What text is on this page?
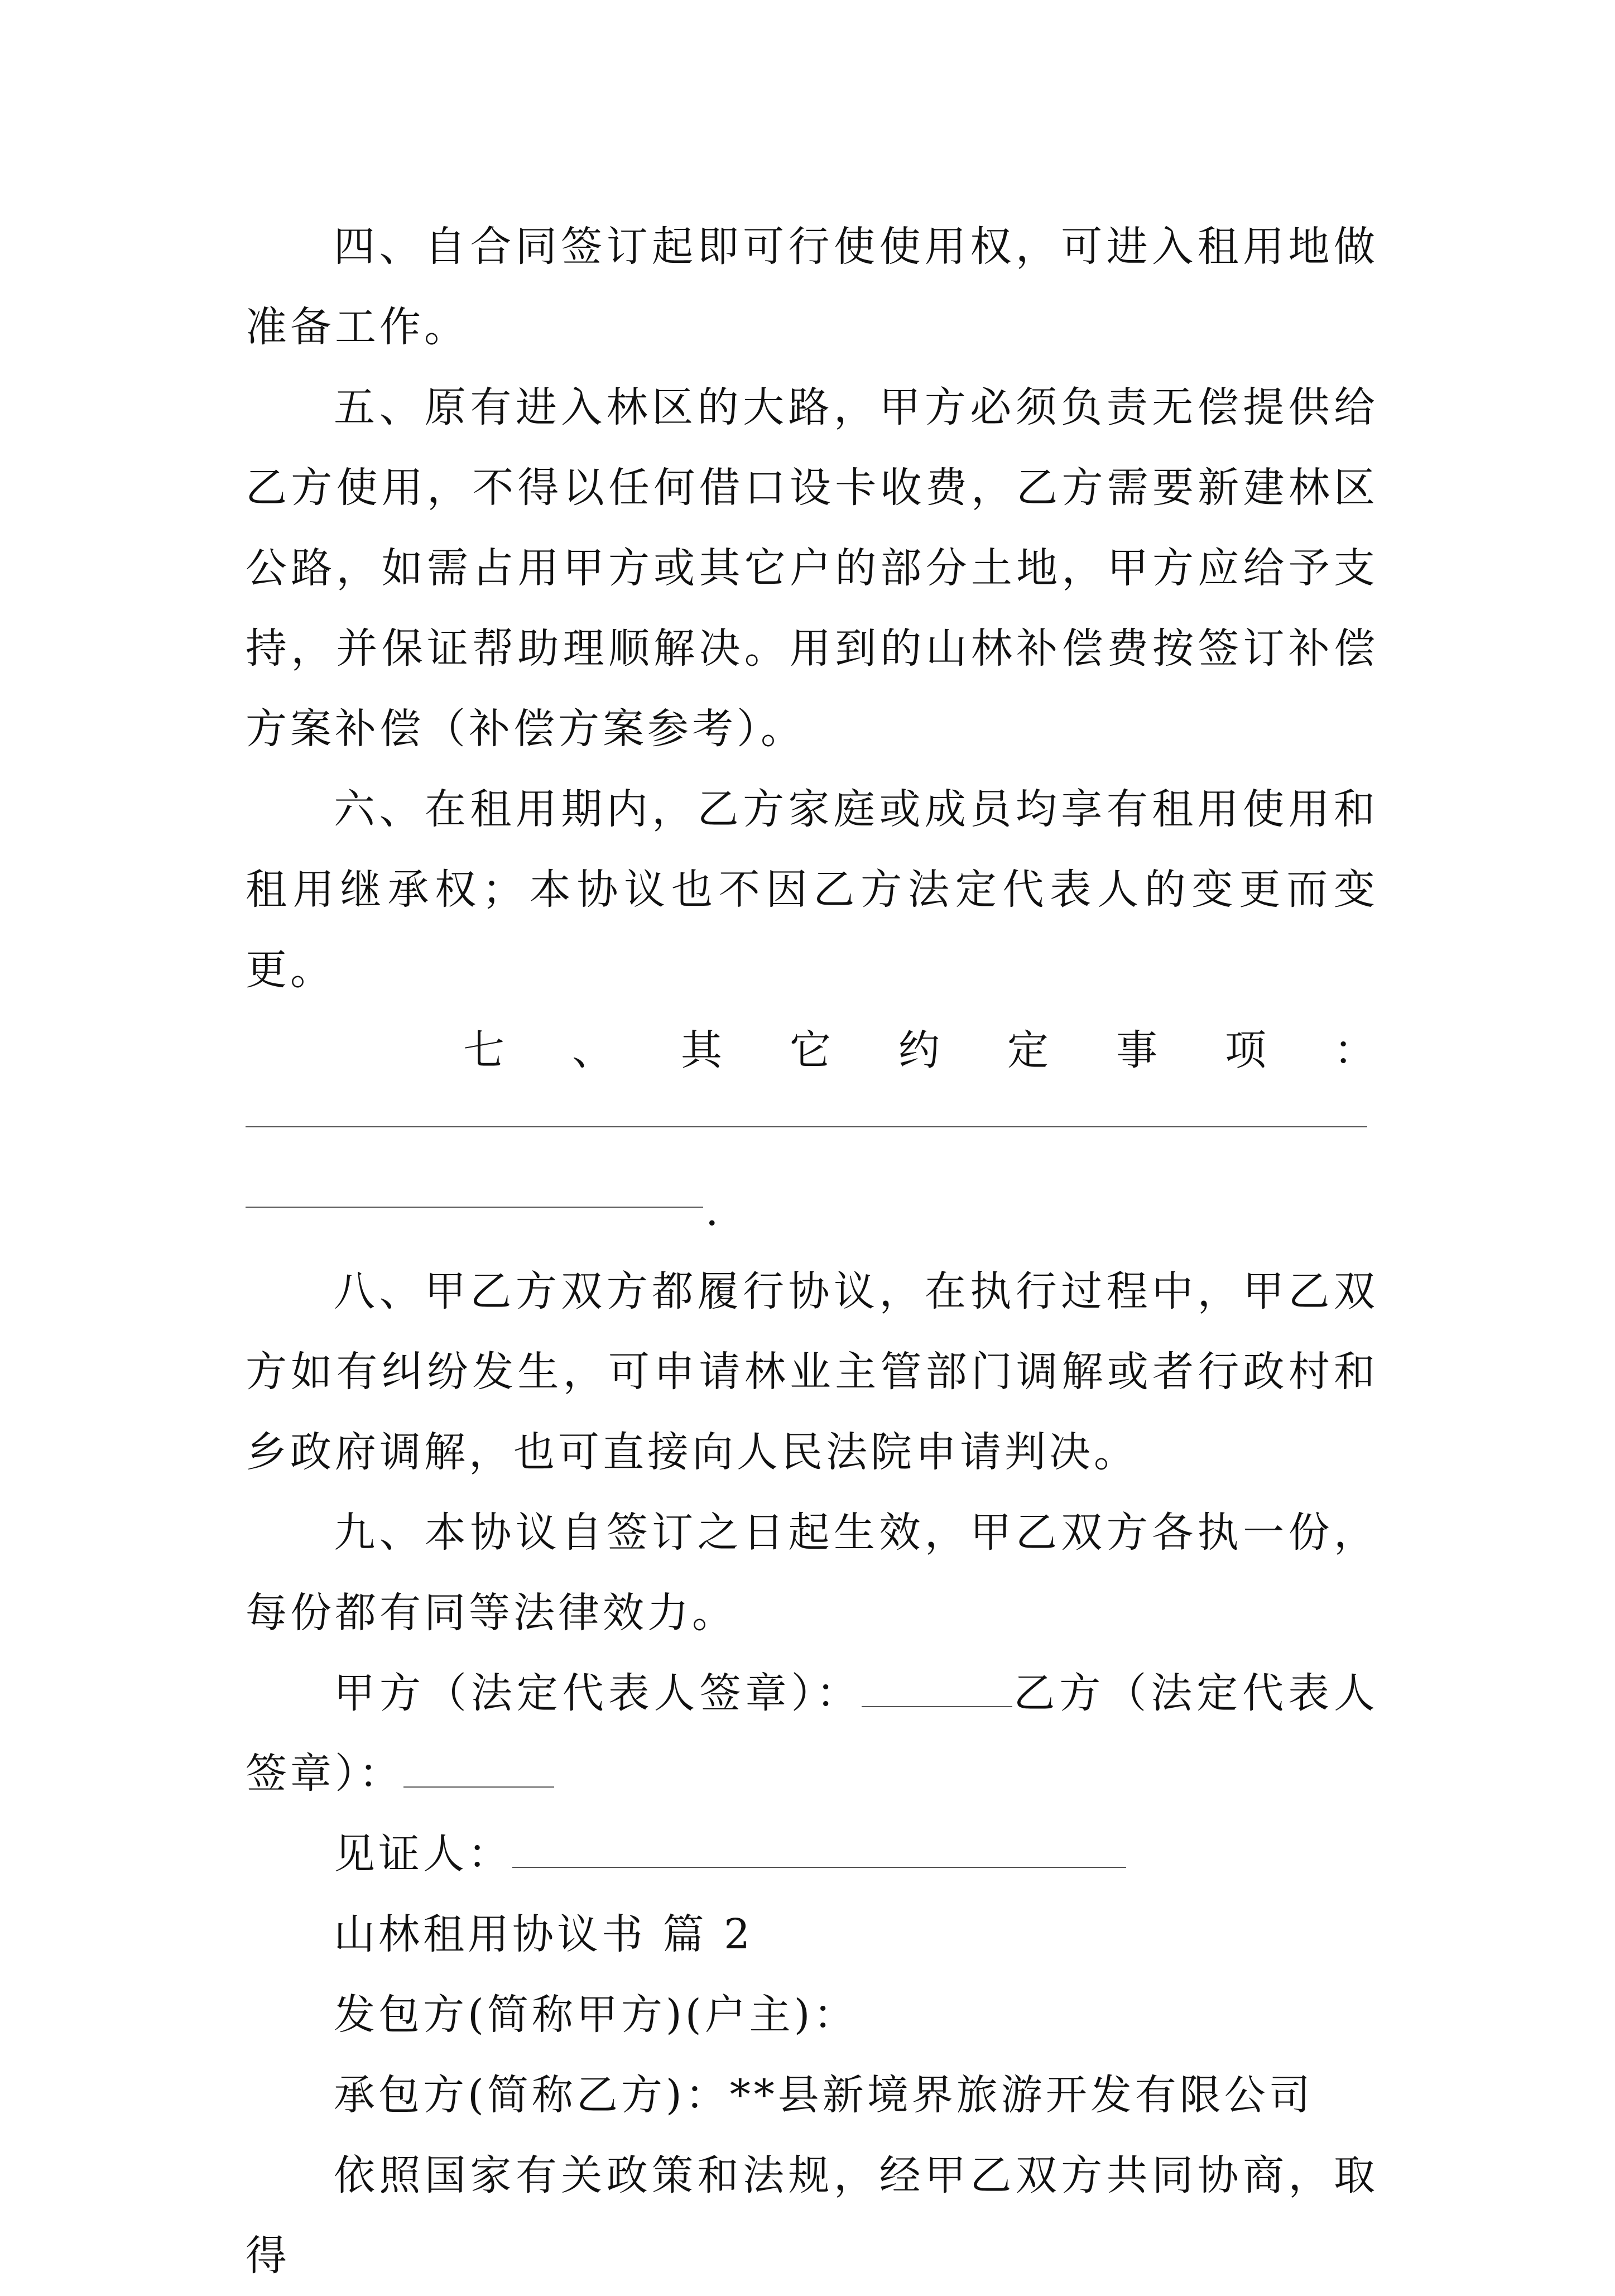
四、自合同签订起即可行使使用权，可进入租用地做准备工作。

五、原有进入林区的大路，甲方必须负责无偿提供给乙方使用，不得以任何借口设卡收费，乙方需要新建林区公路，如需占用甲方或其它户的部分土地，甲方应给予支持，并保证帮助理顺解决。用到的山林补偿费按签订补偿方案补偿（补偿方案参考）。

六、在租用期内，乙方家庭或成员均享有租用使用和租用继承权；本协议也不因乙方法定代表人的变更而变更。

七、其它约定事项：

.

八、甲乙方双方都履行协议，在执行过程中，甲乙双方如有纠纷发生，可申请林业主管部门调解或者行政村和乡政府调解，也可直接向人民法院申请判决。

九、本协议自签订之日起生效，甲乙双方各执一份，每份都有同等法律效力。

甲方（法定代表人签章）：	乙方（法定代表人签章）：

见证人：

山林租用协议书 篇 2

发包方(简称甲方)(户主)：

承包方(简称乙方)：**县新境界旅游开发有限公司

依照国家有关政策和法规，经甲乙双方共同协商，取得
